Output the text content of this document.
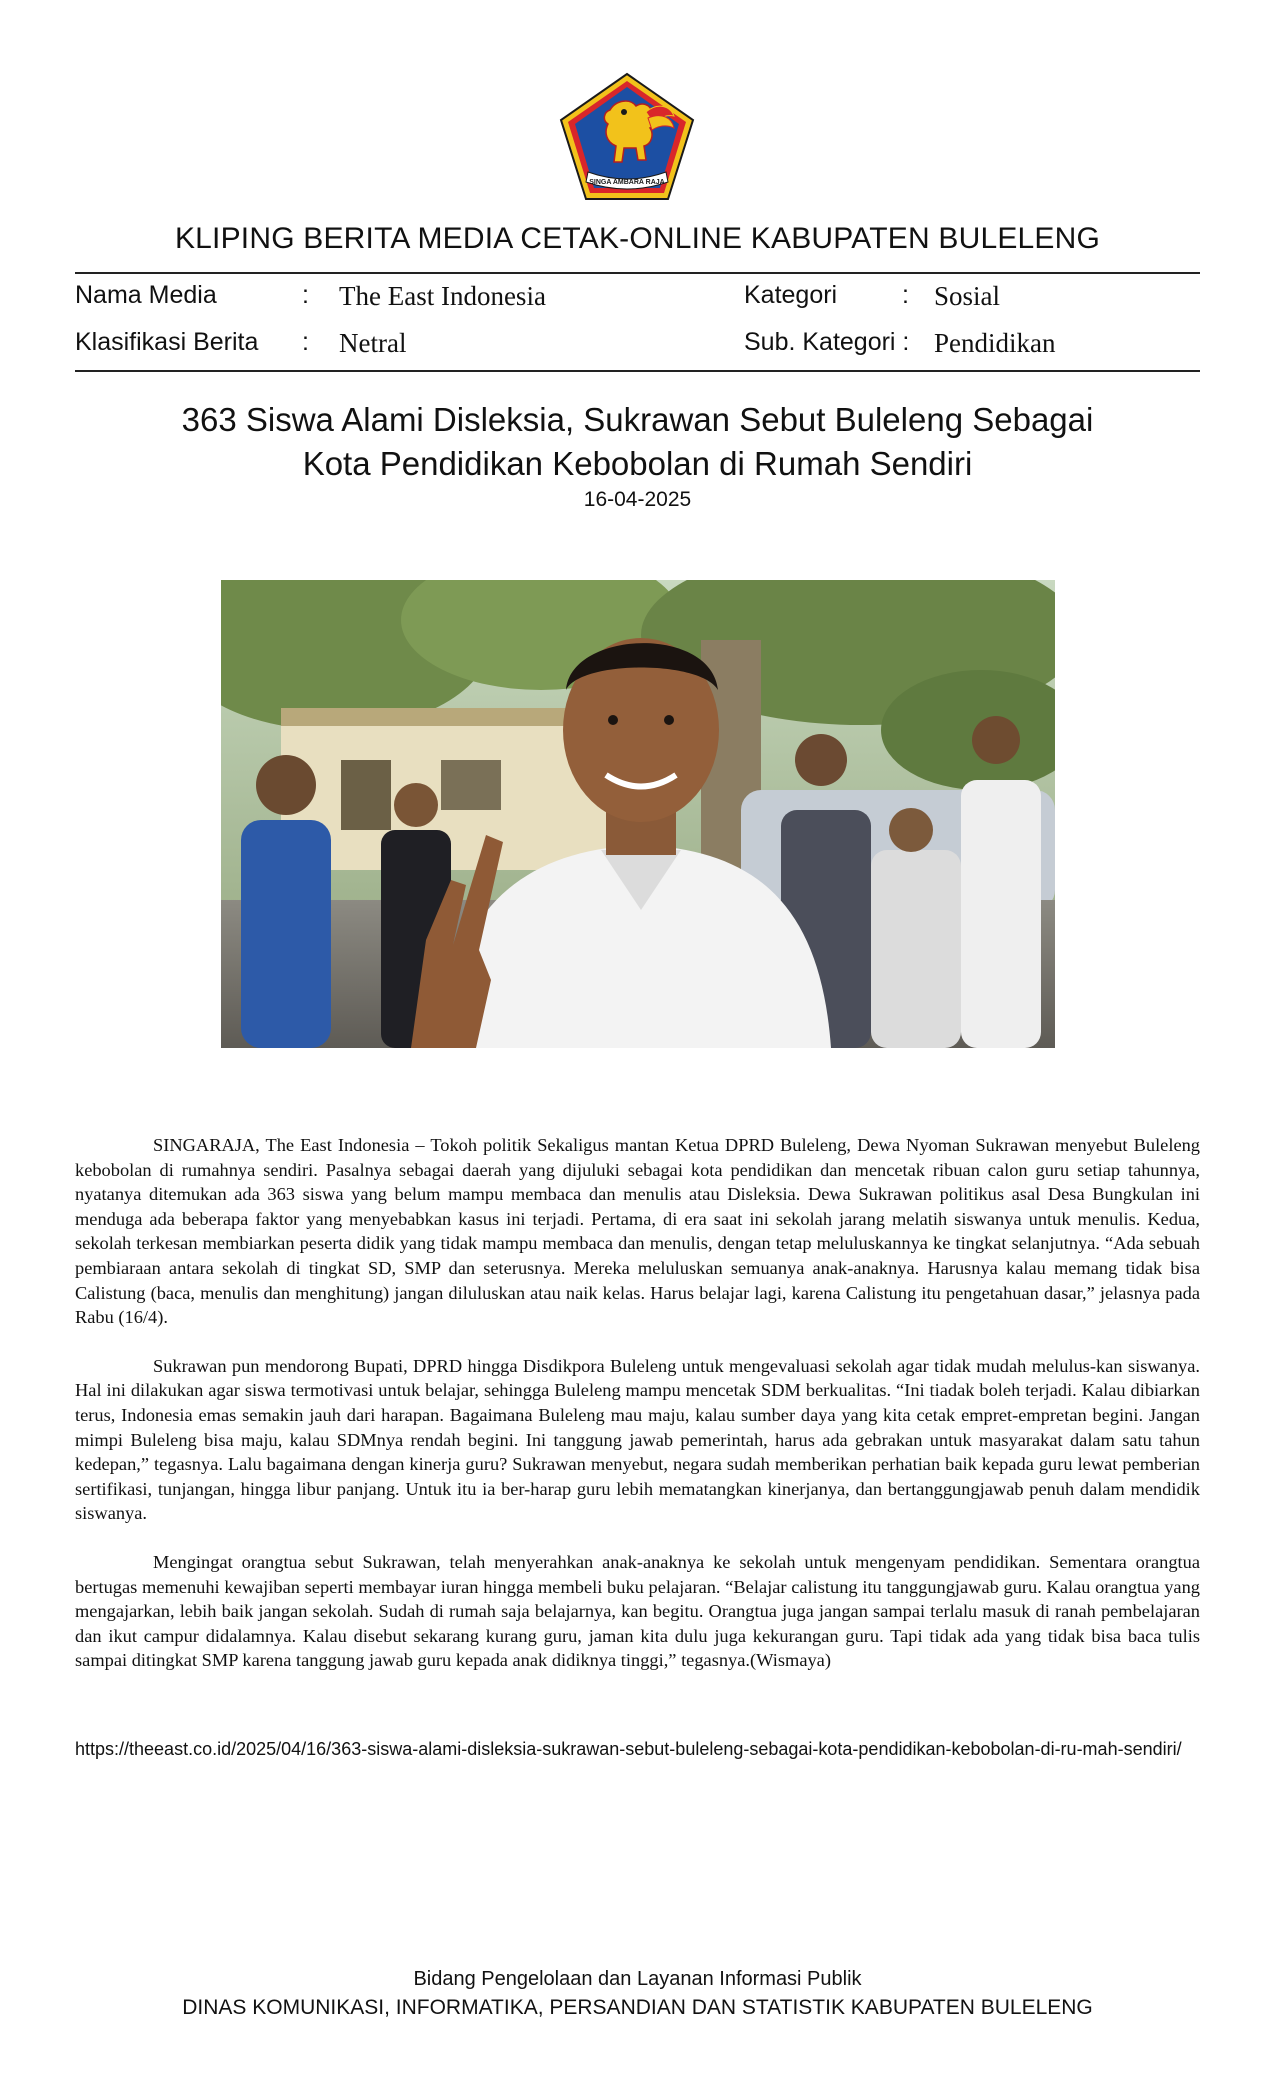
SINGA AMBARA RAJA
KLIPING BERITA MEDIA CETAK-ONLINE KABUPATEN BULELENG
Nama Media	: The East Indonesia
Klasifikasi Berita : Netral
Kategori	: Sosial
Sub. Kategori : Pendidikan
363 Siswa Alami Disleksia, Sukrawan Sebut Buleleng Sebagai
Kota Pendidikan Kebobolan di Rumah Sendiri
16-04-2025

SINGARAJA, The East Indonesia – Tokoh politik Sekaligus mantan Ketua DPRD Buleleng, Dewa Nyoman Sukrawan menyebut Buleleng kebobolan di rumahnya sendiri. Pasalnya sebagai daerah yang dijuluki sebagai kota pendidikan dan mencetak ribuan calon guru setiap tahunnya, nyatanya ditemukan ada 363 siswa yang belum mampu membaca dan menulis atau Disleksia. Dewa Sukrawan politikus asal Desa Bungkulan ini menduga ada beberapa faktor yang menyebabkan kasus ini terjadi. Pertama, di era saat ini sekolah jarang melatih siswanya untuk menulis. Kedua, sekolah terkesan membiarkan peserta didik yang tidak mampu membaca dan menulis, dengan tetap meluluskannya ke tingkat selanjutnya. “Ada sebuah pembiaraan antara sekolah di tingkat SD, SMP dan seterusnya. Mereka meluluskan semuanya anak-anaknya. Harusnya kalau memang tidak bisa Calistung (baca, menulis dan menghitung) jangan diluluskan atau naik kelas. Harus belajar lagi, karena Calistung itu pengetahuan dasar,” jelasnya pada Rabu (16/4).

Sukrawan pun mendorong Bupati, DPRD hingga Disdikpora Buleleng untuk mengevaluasi sekolah agar tidak mudah melulus-kan siswanya. Hal ini dilakukan agar siswa termotivasi untuk belajar, sehingga Buleleng mampu mencetak SDM berkualitas. “Ini tiadak boleh terjadi. Kalau dibiarkan terus, Indonesia emas semakin jauh dari harapan. Bagaimana Buleleng mau maju, kalau sumber daya yang kita cetak empret-empretan begini. Jangan mimpi Buleleng bisa maju, kalau SDMnya rendah begini. Ini tanggung jawab pemerintah, harus ada gebrakan untuk masyarakat dalam satu tahun kedepan,” tegasnya. Lalu bagaimana dengan kinerja guru? Sukrawan menyebut, negara sudah memberikan perhatian baik kepada guru lewat pemberian sertifikasi, tunjangan, hingga libur panjang. Untuk itu ia ber-harap guru lebih mematangkan kinerjanya, dan bertanggungjawab penuh dalam mendidik siswanya.

Mengingat orangtua sebut Sukrawan, telah menyerahkan anak-anaknya ke sekolah untuk mengenyam pendidikan. Sementara orangtua bertugas memenuhi kewajiban seperti membayar iuran hingga membeli buku pelajaran. “Belajar calistung itu tanggungjawab guru. Kalau orangtua yang mengajarkan, lebih baik jangan sekolah. Sudah di rumah saja belajarnya, kan begitu. Orangtua juga jangan sampai terlalu masuk di ranah pembelajaran dan ikut campur didalamnya. Kalau disebut sekarang kurang guru, jaman kita dulu juga kekurangan guru. Tapi tidak ada yang tidak bisa baca tulis sampai ditingkat SMP karena tanggung jawab guru kepada anak didiknya tinggi,” tegasnya.(Wismaya)

https://theeast.co.id/2025/04/16/363-siswa-alami-disleksia-sukrawan-sebut-buleleng-sebagai-kota-pendidikan-kebobolan-di-ru-mah-sendiri/
Bidang Pengelolaan dan Layanan Informasi Publik
DINAS KOMUNIKASI, INFORMATIKA, PERSANDIAN DAN STATISTIK KABUPATEN BULELENG
